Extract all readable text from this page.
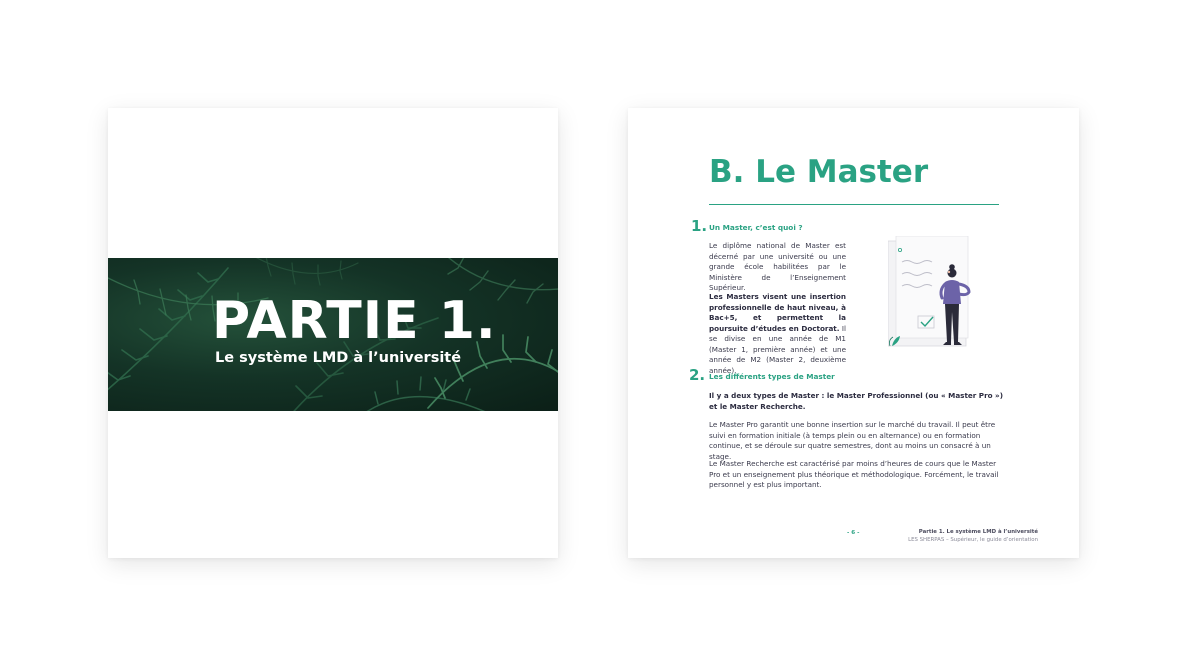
PARTIE 1.
Le système LMD à l’université
B. Le Master
1. Un Master, c’est quoi ?
Le diplôme national de Master est décerné par une université ou une grande école habilitées par le Ministère de l’Enseignement Supérieur.
Les Masters visent une insertion professionnelle de haut niveau, à Bac+5, et permettent la poursuite d’études en Doctorat. Il se divise en une année de M1 (Master 1, première année) et une année de M2 (Master 2, deuxième année).
2. Les différents types de Master
Il y a deux types de Master : le Master Professionnel (ou « Master Pro ») et le Master Recherche.
Le Master Pro garantit une bonne insertion sur le marché du travail. Il peut être suivi en formation initiale (à temps plein ou en alternance) ou en formation continue, et se déroule sur quatre semestres, dont au moins un consacré à un stage.
Le Master Recherche est caractérisé par moins d’heures de cours que le Master Pro et un enseignement plus théorique et méthodologique. Forcément, le travail personnel y est plus important.
- 6 -	Partie 1. Le système LMD à l’université
LES SHERPAS – Supérieur, le guide d’orientation
